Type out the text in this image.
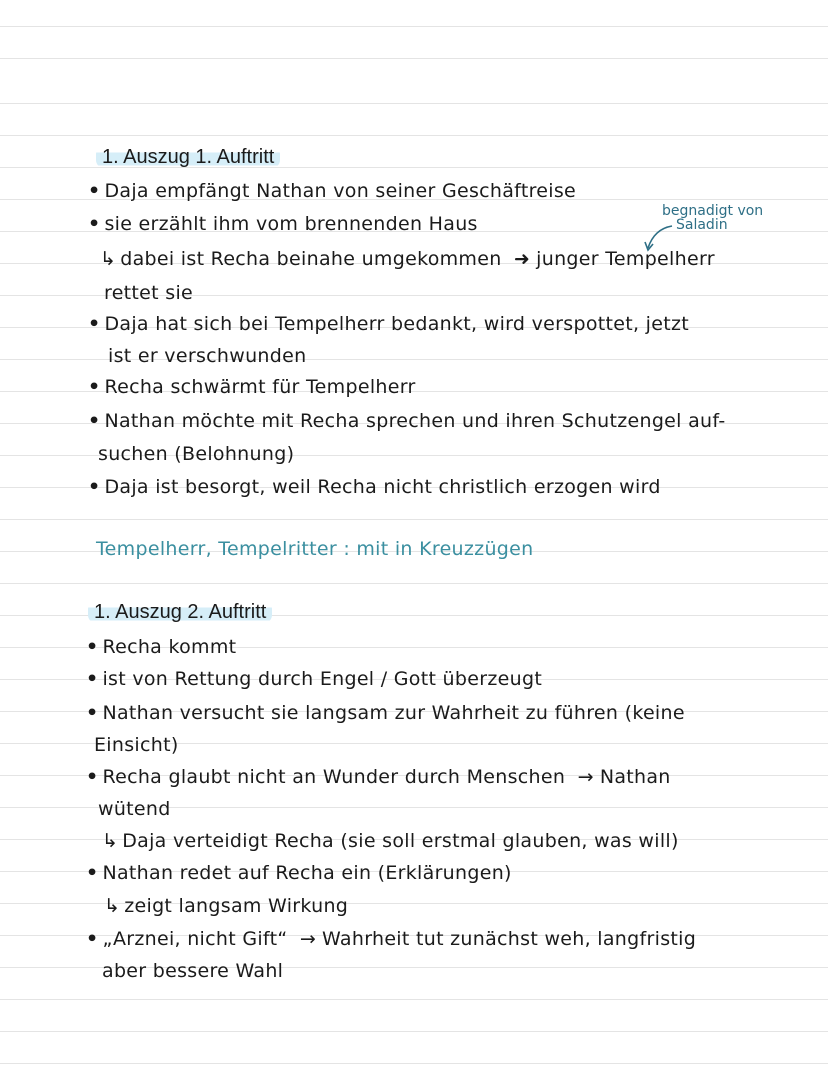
1. Auszug 1. Auftritt
• Daja empfängt Nathan von seiner Geschäftreise
• sie erzählt ihm vom brennenden Haus
begnadigt von
Saladin
↳ dabei ist Recha beinahe umgekommen ➜ junger Tempelherr
rettet sie
• Daja hat sich bei Tempelherr bedankt, wird verspottet, jetzt
ist er verschwunden
• Recha schwärmt für Tempelherr
• Nathan möchte mit Recha sprechen und ihren Schutzengel auf-
suchen (Belohnung)
• Daja ist besorgt, weil Recha nicht christlich erzogen wird
Tempelherr, Tempelritter : mit in Kreuzzügen
1. Auszug 2. Auftritt
• Recha kommt
• ist von Rettung durch Engel / Gott überzeugt
• Nathan versucht sie langsam zur Wahrheit zu führen (keine
Einsicht)
• Recha glaubt nicht an Wunder durch Menschen → Nathan
wütend
↳ Daja verteidigt Recha (sie soll erstmal glauben, was will)
• Nathan redet auf Recha ein (Erklärungen)
↳ zeigt langsam Wirkung
• „Arznei, nicht Gift“ → Wahrheit tut zunächst weh, langfristig
aber bessere Wahl
